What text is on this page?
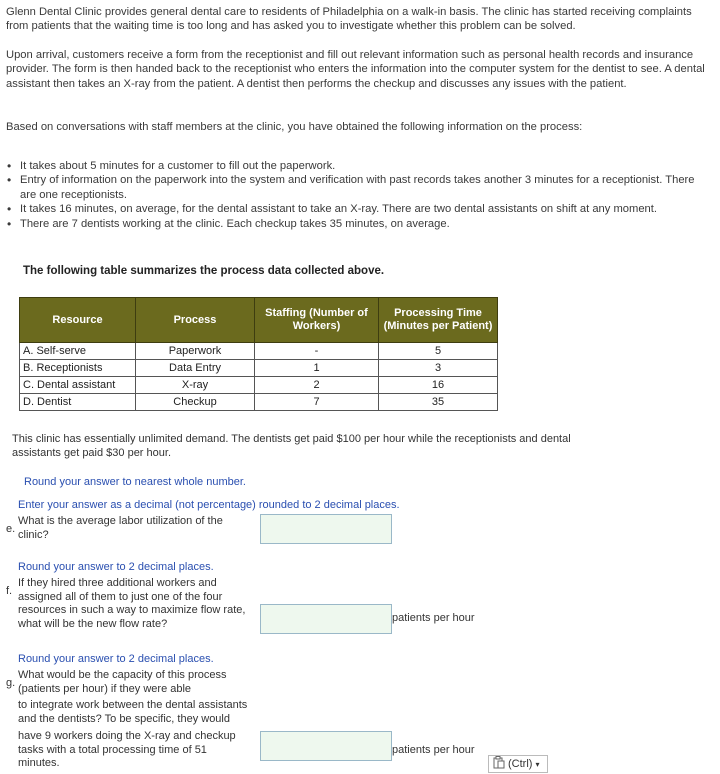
Glenn Dental Clinic provides general dental care to residents of Philadelphia on a walk-in basis. The clinic has started receiving complaints from patients that the waiting time is too long and has asked you to investigate whether this problem can be solved.
Upon arrival, customers receive a form from the receptionist and fill out relevant information such as personal health records and insurance provider. The form is then handed back to the receptionist who enters the information into the computer system for the dentist to see. A dental assistant then takes an X-ray from the patient. A dentist then performs the checkup and discusses any issues with the patient.
Based on conversations with staff members at the clinic, you have obtained the following information on the process:
• It takes about 5 minutes for a customer to fill out the paperwork.
• Entry of information on the paperwork into the system and verification with past records takes another 3 minutes for a receptionist. There are one receptionists.
• It takes 16 minutes, on average, for the dental assistant to take an X-ray. There are two dental assistants on shift at any moment.
• There are 7 dentists working at the clinic. Each checkup takes 35 minutes, on average.
The following table summarizes the process data collected above.
Resource	Process	Staffing (Number of Workers)	Processing Time (Minutes per Patient)
A. Self-serve	Paperwork	-	5
B. Receptionists	Data Entry	1	3
C. Dental assistant	X-ray	2	16
D. Dentist	Checkup	7	35
This clinic has essentially unlimited demand. The dentists get paid $100 per hour while the receptionists and dental assistants get paid $30 per hour.
Round your answer to nearest whole number.
Enter your answer as a decimal (not percentage) rounded to 2 decimal places.
e.
What is the average labor utilization of the clinic?
Round your answer to 2 decimal places.
f.
If they hired three additional workers and assigned all of them to just one of the four resources in such a way to maximize flow rate, what will be the new flow rate?	patients per hour
Round your answer to 2 decimal places.
g.
What would be the capacity of this process (patients per hour) if they were able
to integrate work between the dental assistants and the dentists? To be specific, they would
have 9 workers doing the X-ray and checkup tasks with a total processing time of 51 minutes.
patients per hour
(Ctrl) ▾
